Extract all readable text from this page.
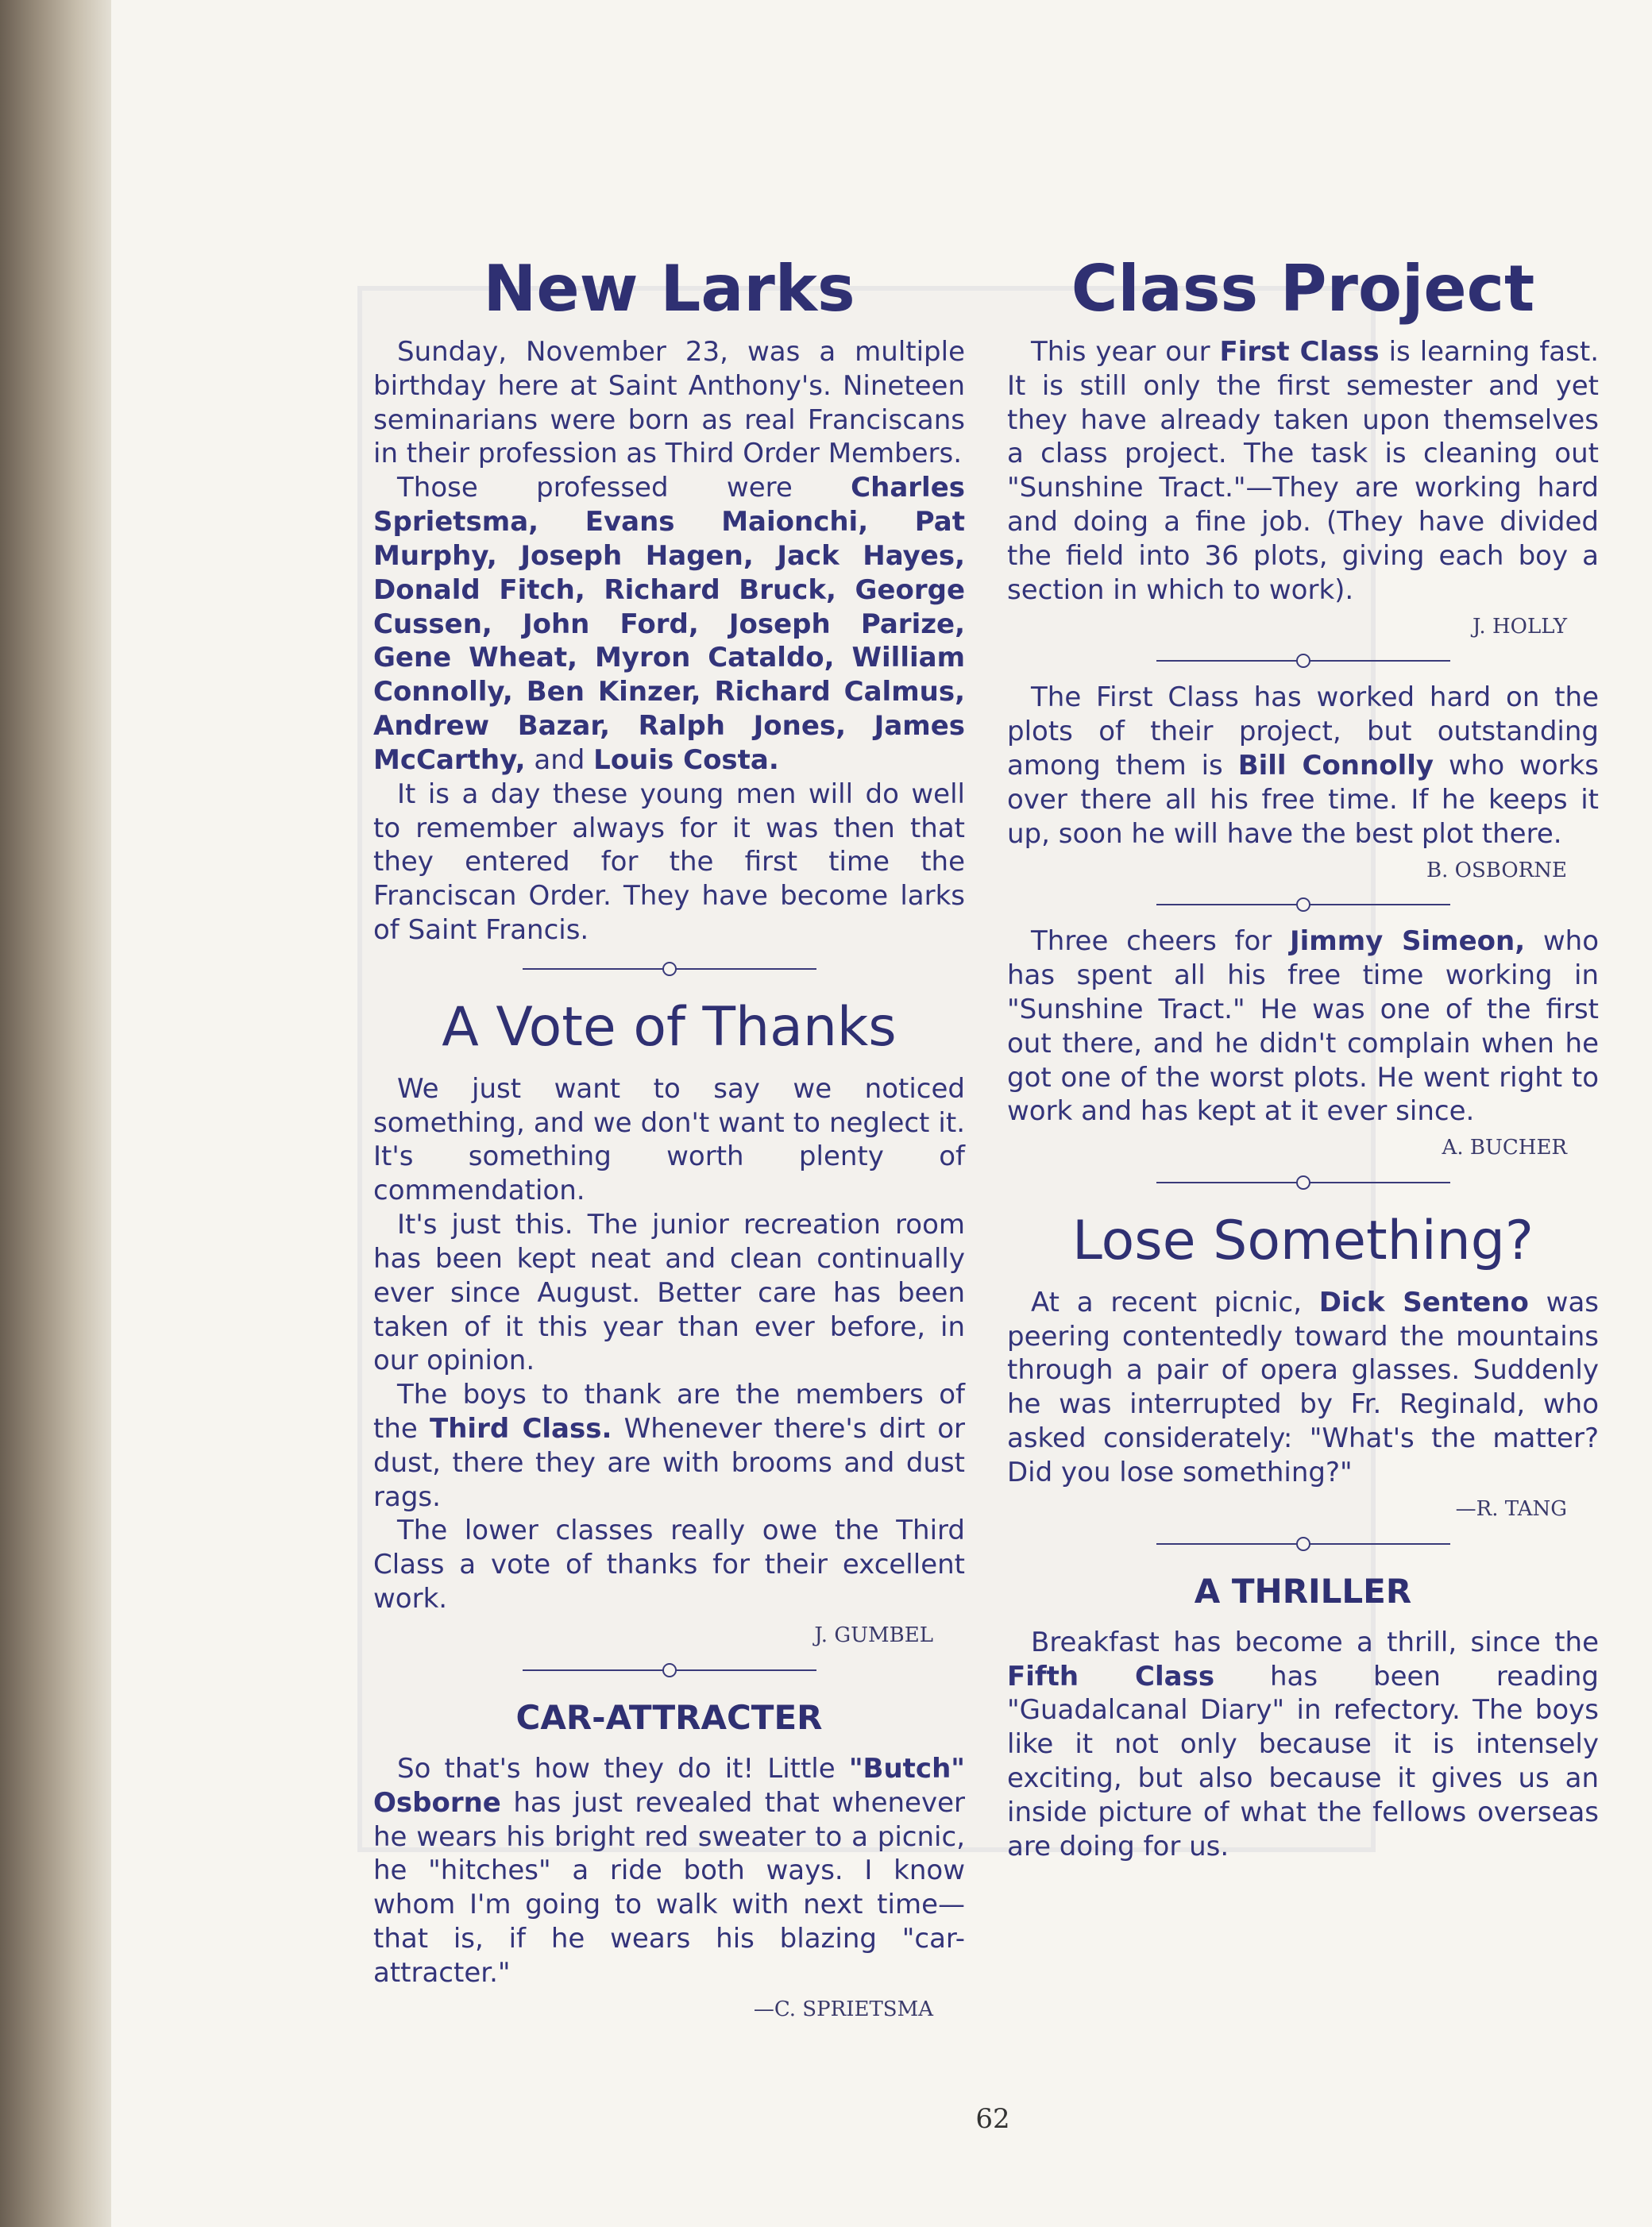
New Larks

Sunday, November 23, was a multiple birthday here at Saint Anthony's. Nineteen seminarians were born as real Franciscans in their profession as Third Order Members.

Those professed were Charles Sprietsma, Evans Maionchi, Pat Murphy, Joseph Hagen, Jack Hayes, Donald Fitch, Richard Bruck, George Cussen, John Ford, Joseph Parize, Gene Wheat, Myron Cataldo, William Connolly, Ben Kinzer, Richard Calmus, Andrew Bazar, Ralph Jones, James McCarthy, and Louis Costa.

It is a day these young men will do well to remember always for it was then that they entered for the first time the Franciscan Order. They have become larks of Saint Francis.

A Vote of Thanks

We just want to say we noticed something, and we don't want to neglect it. It's something worth plenty of commendation.

It's just this. The junior recreation room has been kept neat and clean continually ever since August. Better care has been taken of it this year than ever before, in our opinion.

The boys to thank are the members of the Third Class. Whenever there's dirt or dust, there they are with brooms and dust rags.

The lower classes really owe the Third Class a vote of thanks for their excellent work.

J. GUMBEL
CAR-ATTRACTER

So that's how they do it! Little "Butch" Osborne has just revealed that whenever he wears his bright red sweater to a picnic, he "hitches" a ride both ways. I know whom I'm going to walk with next time—that is, if he wears his blazing "car-attracter."

—C. SPRIETSMA
Class Project

This year our First Class is learning fast. It is still only the first semester and yet they have already taken upon themselves a class project. The task is cleaning out "Sunshine Tract."—They are working hard and doing a fine job. (They have divided the field into 36 plots, giving each boy a section in which to work).

J. HOLLY

The First Class has worked hard on the plots of their project, but outstanding among them is Bill Connolly who works over there all his free time. If he keeps it up, soon he will have the best plot there.

B. OSBORNE

Three cheers for Jimmy Simeon, who has spent all his free time working in "Sunshine Tract." He was one of the first out there, and he didn't complain when he got one of the worst plots. He went right to work and has kept at it ever since.

A. BUCHER
Lose Something?

At a recent picnic, Dick Senteno was peering contentedly toward the mountains through a pair of opera glasses. Suddenly he was interrupted by Fr. Reginald, who asked considerately: "What's the matter? Did you lose something?"

—R. TANG
A THRILLER

Breakfast has become a thrill, since the Fifth Class has been reading "Guadalcanal Diary" in refectory. The boys like it not only because it is intensely exciting, but also because it gives us an inside picture of what the fellows overseas are doing for us.

62
